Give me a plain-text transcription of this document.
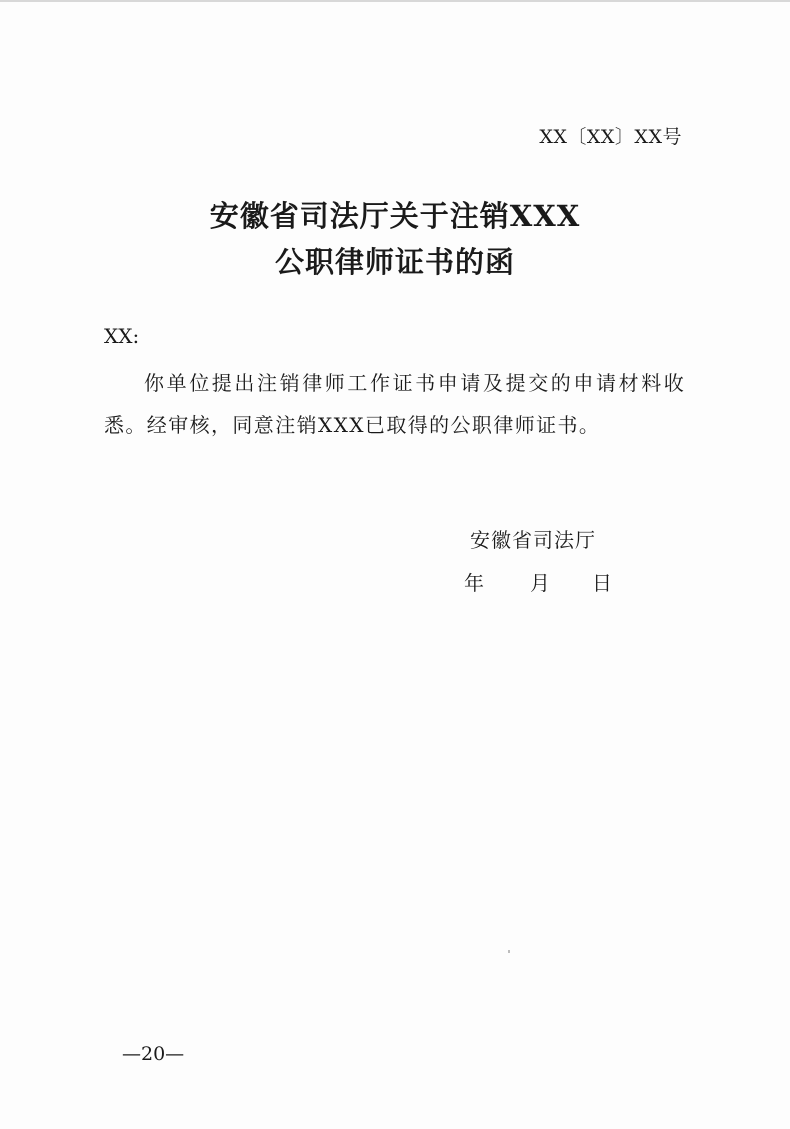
XX〔XX〕XX号
安徽省司法厅关于注销XXX
公职律师证书的函
XX:
你单位提出注销律师工作证书申请及提交的申请材料收
悉。经审核，同意注销XXX已取得的公职律师证书。
安徽省司法厅
年 月 日
—20—
